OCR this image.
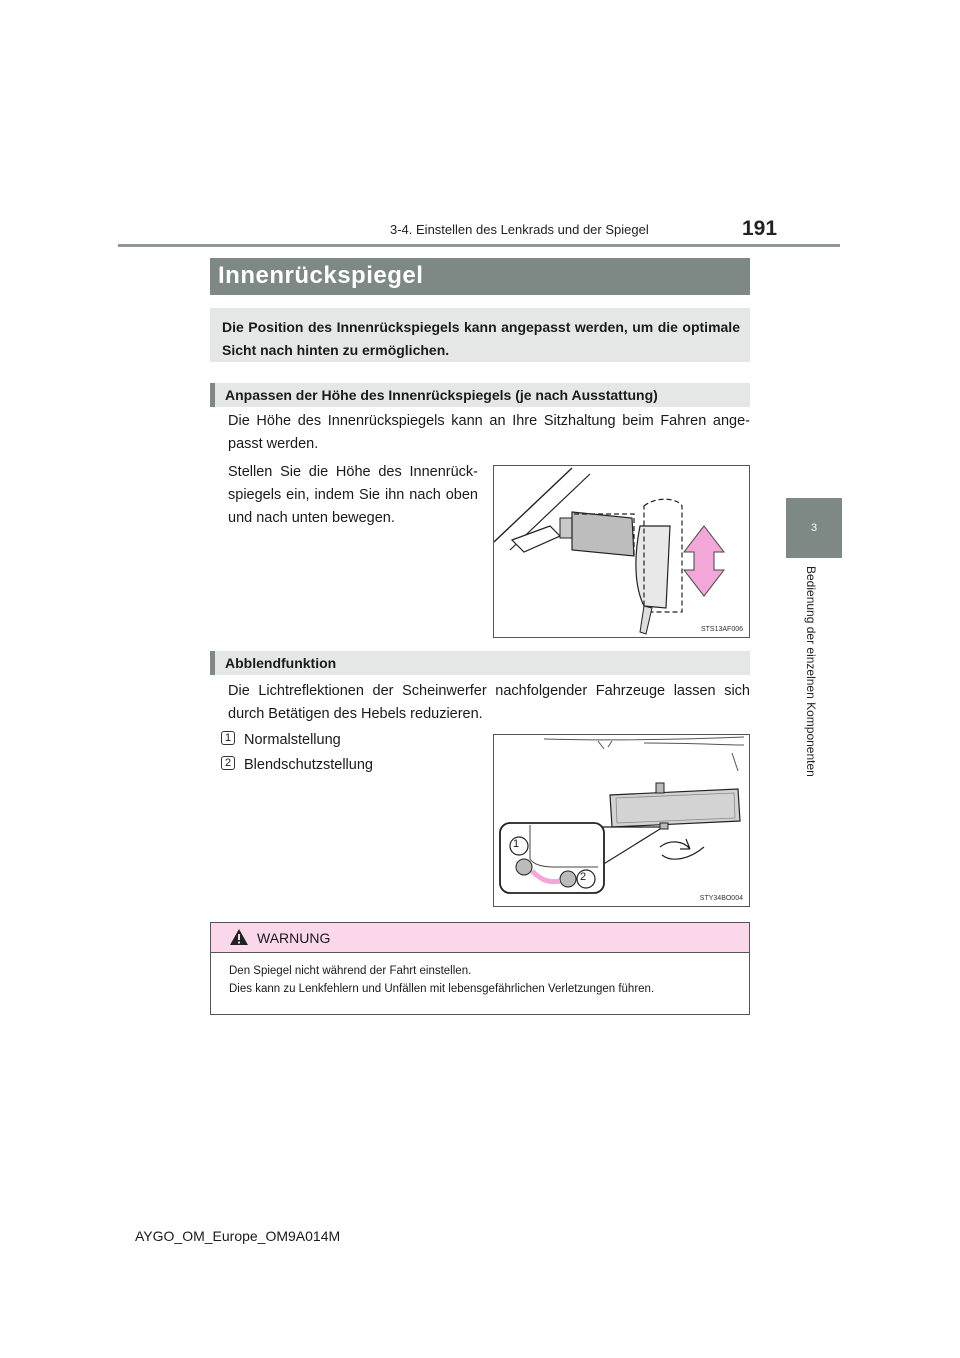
3-4. Einstellen des Lenkrads und der Spiegel	191
3
Bedienung der einzelnen Komponenten
Innenrückspiegel
Die Position des Innenrückspiegels kann angepasst werden, um die optimale Sicht nach hinten zu ermöglichen.
Anpassen der Höhe des Innenrückspiegels (je nach Ausstattung)
Die Höhe des Innenrückspiegels kann an Ihre Sitzhaltung beim Fahren ange-passt werden.
Stellen Sie die Höhe des Innenrück-spiegels ein, indem Sie ihn nach oben und nach unten bewegen.
STS13AF006
Abblendfunktion
Die Lichtreflektionen der Scheinwerfer nachfolgender Fahrzeuge lassen sich durch Betätigen des Hebels reduzieren.
1 Normalstellung
2 Blendschutzstellung
1
2
STY34BO004
WARNUNG
Den Spiegel nicht während der Fahrt einstellen.
Dies kann zu Lenkfehlern und Unfällen mit lebensgefährlichen Verletzungen führen.
AYGO_OM_Europe_OM9A014M
